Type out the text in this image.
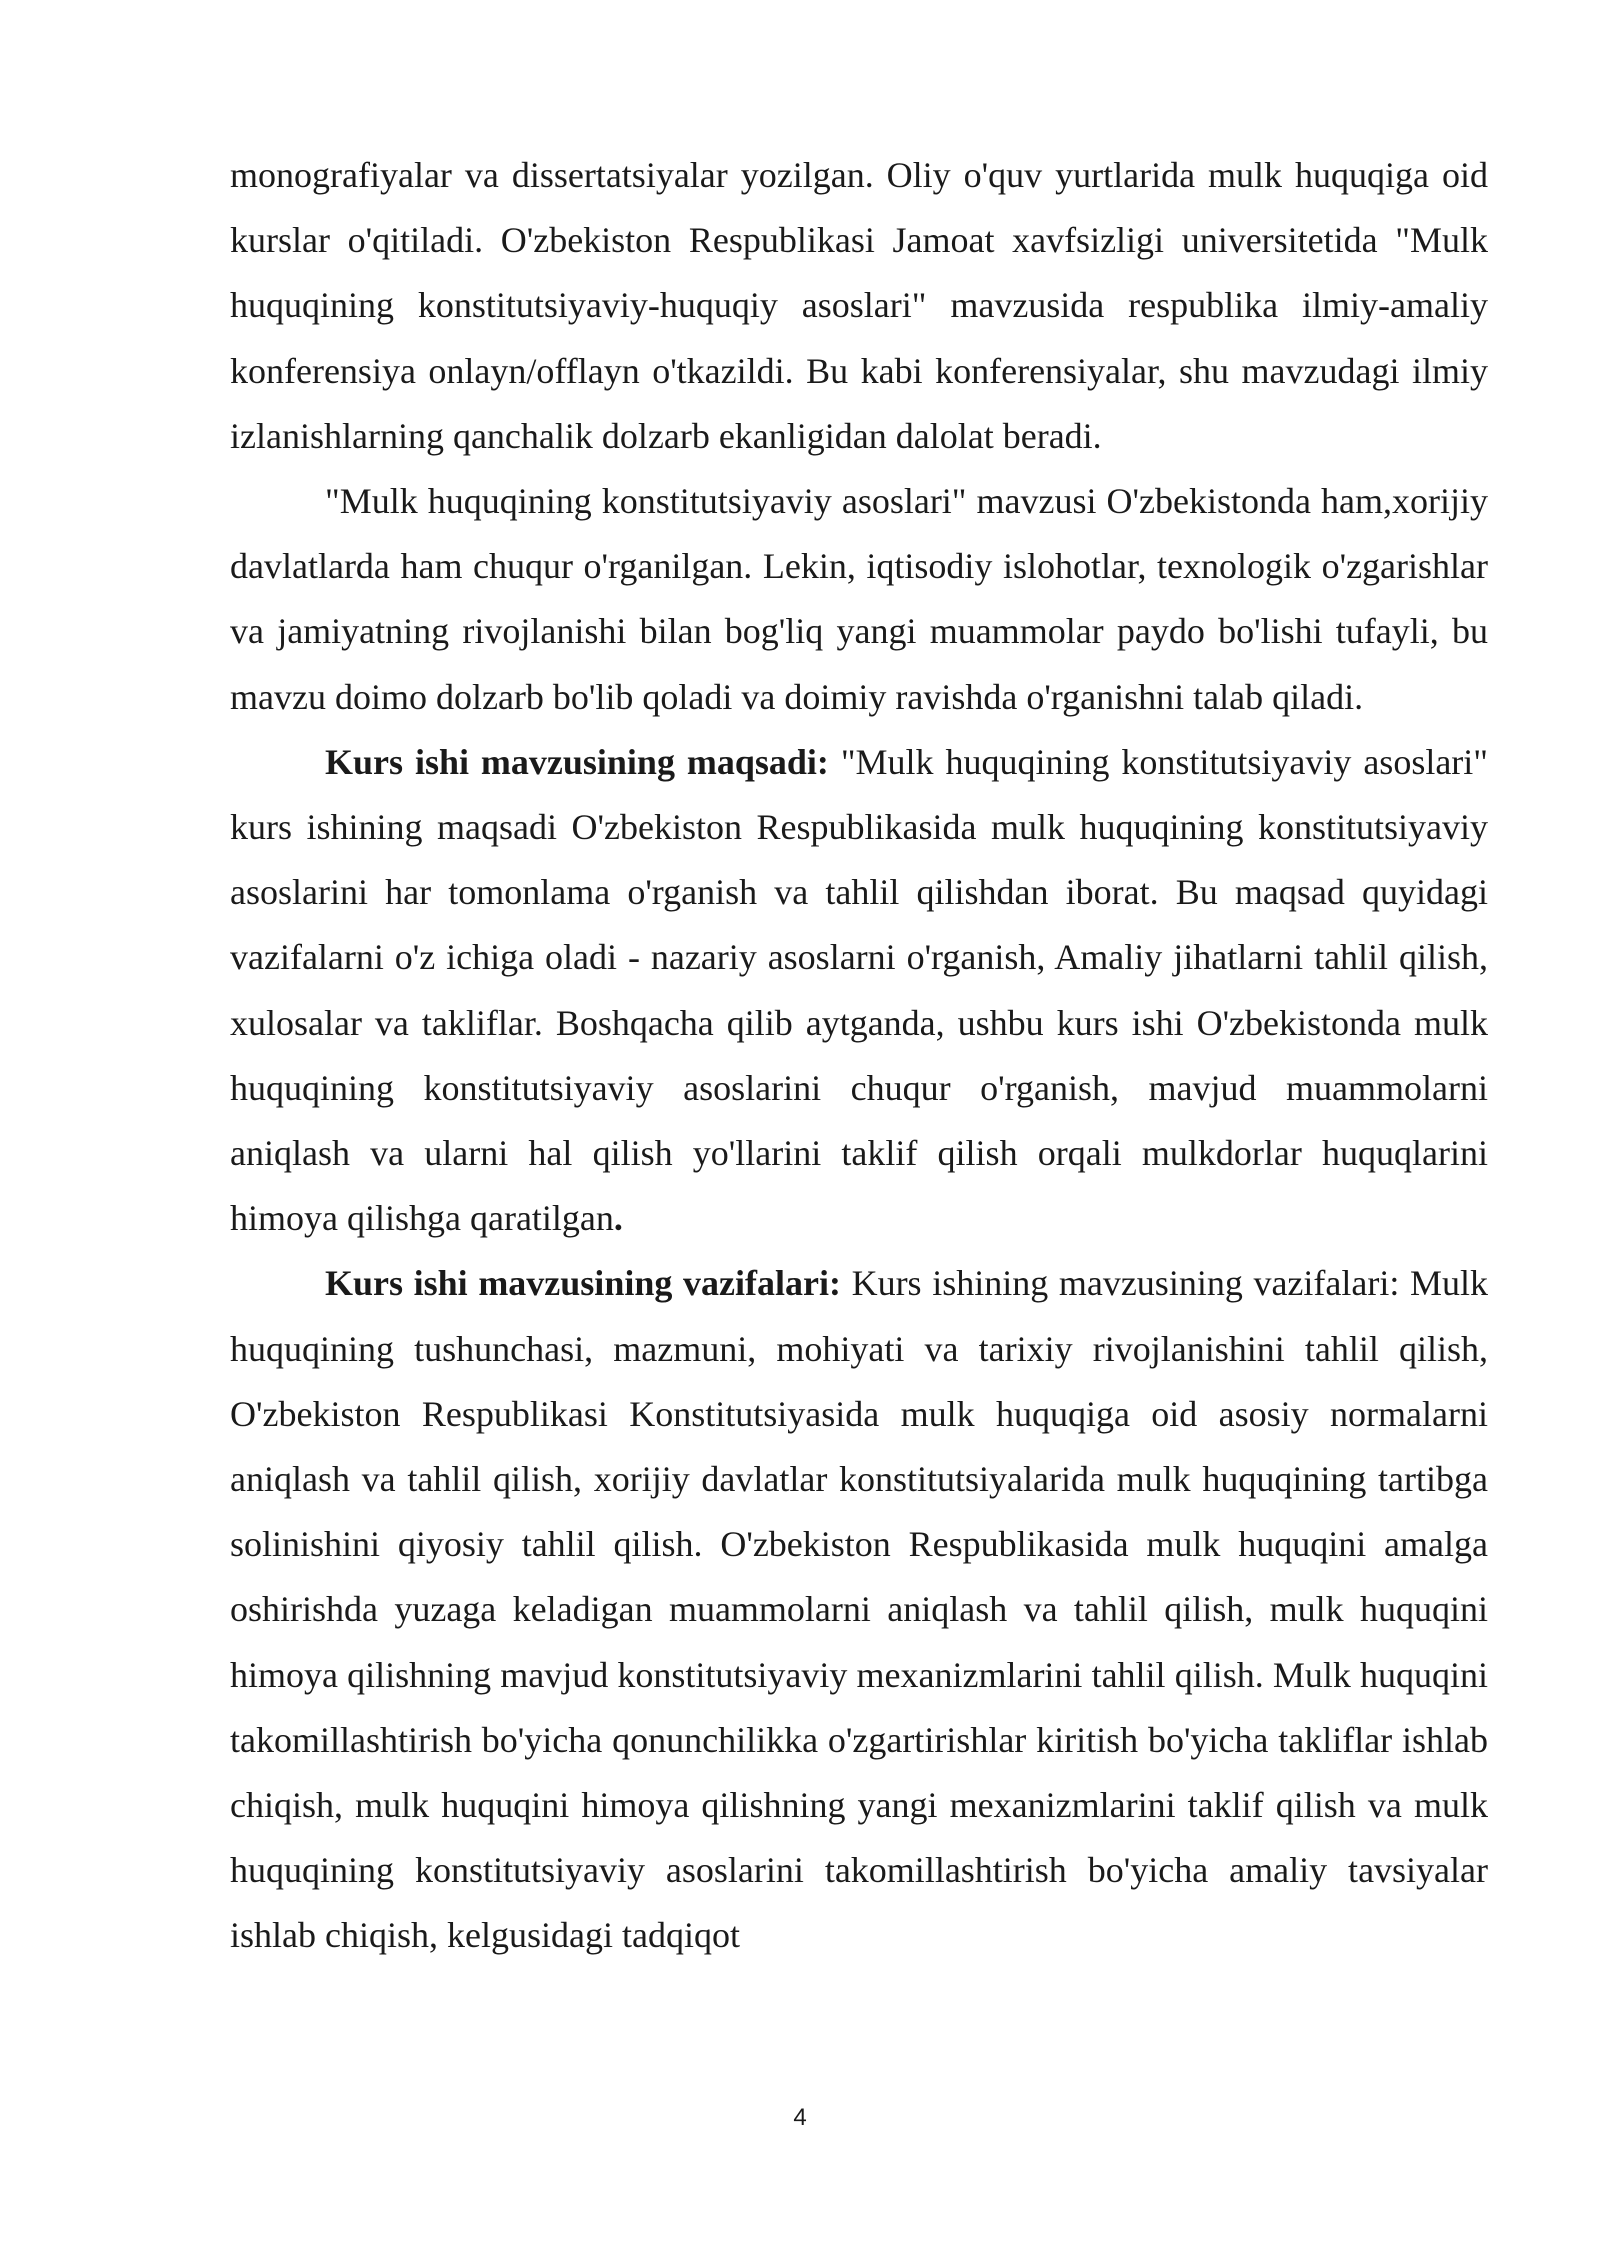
monografiyalar va dissertatsiyalar yozilgan. Oliy o'quv yurtlarida mulk huquqiga oid kurslar o'qitiladi. O'zbekiston Respublikasi Jamoat xavfsizligi universitetida "Mulk huquqining konstitutsiyaviy-huquqiy asoslari" mavzusida respublika ilmiy-amaliy konferensiya onlayn/offlayn o'tkazildi. Bu kabi konferensiyalar, shu mavzudagi ilmiy izlanishlarning qanchalik dolzarb ekanligidan dalolat beradi.

"Mulk huquqining konstitutsiyaviy asoslari" mavzusi O'zbekistonda ham,xorijiy davlatlarda ham chuqur o'rganilgan. Lekin, iqtisodiy islohotlar, texnologik o'zgarishlar va jamiyatning rivojlanishi bilan bog'liq yangi muammolar paydo bo'lishi tufayli, bu mavzu doimo dolzarb bo'lib qoladi va doimiy ravishda o'rganishni talab qiladi.

Kurs ishi mavzusining maqsadi: "Mulk huquqining konstitutsiyaviy asoslari" kurs ishining maqsadi O'zbekiston Respublikasida mulk huquqining konstitutsiyaviy asoslarini har tomonlama o'rganish va tahlil qilishdan iborat. Bu maqsad quyidagi vazifalarni o'z ichiga oladi - nazariy asoslarni o'rganish, Amaliy jihatlarni tahlil qilish, xulosalar va takliflar. Boshqacha qilib aytganda, ushbu kurs ishi O'zbekistonda mulk huquqining konstitutsiyaviy asoslarini chuqur o'rganish, mavjud muammolarni aniqlash va ularni hal qilish yo'llarini taklif qilish orqali mulkdorlar huquqlarini himoya qilishga qaratilgan.

Kurs ishi mavzusining vazifalari: Kurs ishining mavzusining vazifalari: Mulk huquqining tushunchasi, mazmuni, mohiyati va tarixiy rivojlanishini tahlil qilish, O'zbekiston Respublikasi Konstitutsiyasida mulk huquqiga oid asosiy normalarni aniqlash va tahlil qilish, xorijiy davlatlar konstitutsiyalarida mulk huquqining tartibga solinishini qiyosiy tahlil qilish. O'zbekiston Respublikasida mulk huquqini amalga oshirishda yuzaga keladigan muammolarni aniqlash va tahlil qilish, mulk huquqini himoya qilishning mavjud konstitutsiyaviy mexanizmlarini tahlil qilish. Mulk huquqini takomillashtirish bo'yicha qonunchilikka o'zgartirishlar kiritish bo'yicha takliflar ishlab chiqish, mulk huquqini himoya qilishning yangi mexanizmlarini taklif qilish va mulk huquqining konstitutsiyaviy asoslarini takomillashtirish bo'yicha amaliy tavsiyalar ishlab chiqish, kelgusidagi tadqiqot

4
